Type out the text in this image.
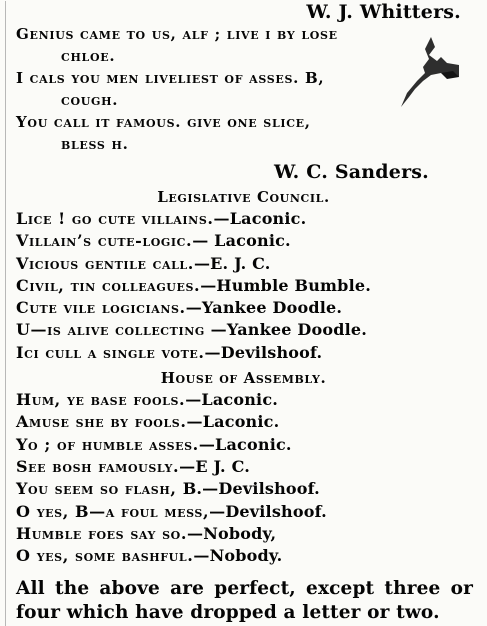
W. J. Whitters.
Genius came to us, alf ; live i by lose
chloe.
I cals you men liveliest of asses. B,
cough.
You call it famous. give one slice,
bless h.
W. C. Sanders.
Legislative Council.
Lice ! go cute villains.—Laconic.
Villain’s cute-logic.— Laconic.
Vicious gentile call.—E. J. C.
Civil, tin colleagues.—Humble Bumble.
Cute vile logicians.—Yankee Doodle.
U—is alive collecting —Yankee Doodle.
Ici cull a single vote.—Devilshoof.
House of Assembly.
Hum, ye base fools.—Laconic.
Amuse she by fools.—Laconic.
Yo ; of humble asses.—Laconic.
See bosh famously.—E J. C.
You seem so flash, B.—Devilshoof.
O yes, B—a foul mess,—Devilshoof.
Humble foes say so.—Nobody,
O yes, some bashful.—Nobody.
All the above are perfect, except three or four which have dropped a letter or two.
